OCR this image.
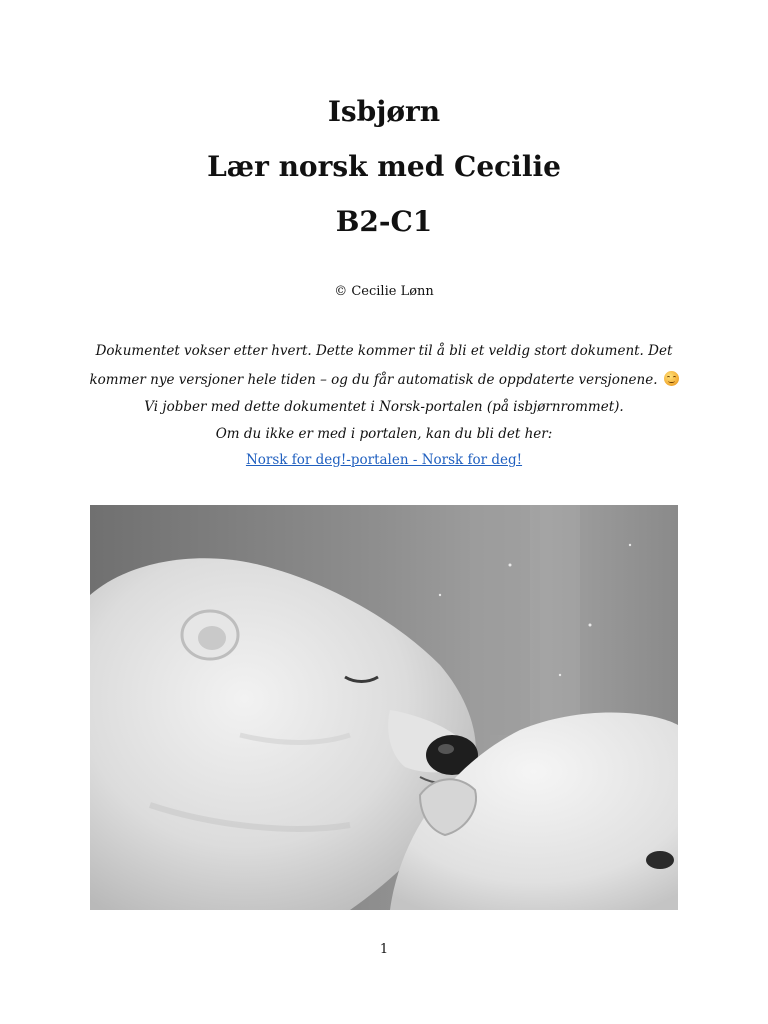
Isbjørn
Lær norsk med Cecilie
B2-C1
© Cecilie Lønn
Dokumentet vokser etter hvert. Dette kommer til å bli et veldig stort dokument. Det kommer nye versjoner hele tiden – og du får automatisk de oppdaterte versjonene.
Vi jobber med dette dokumentet i Norsk-portalen (på isbjørnrommet).
Om du ikke er med i portalen, kan du bli det her:
Norsk for deg!-portalen - Norsk for deg!
1
